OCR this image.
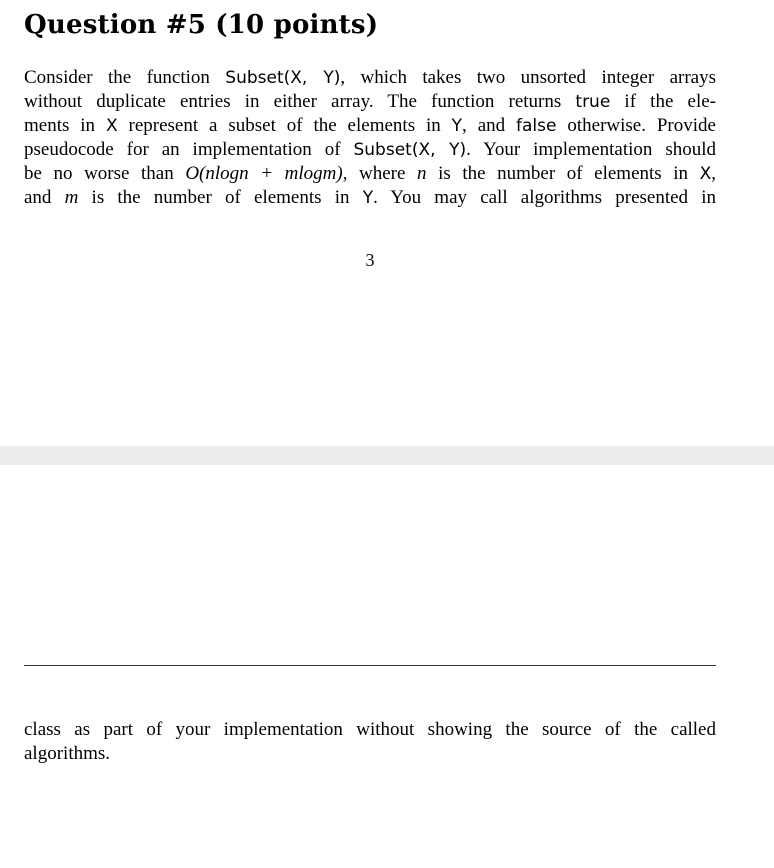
Question #5 (10 points)
Consider the function Subset(X, Y), which takes two unsorted integer arrays
without duplicate entries in either array. The function returns true if the ele-
ments in X represent a subset of the elements in Y, and false otherwise. Provide
pseudocode for an implementation of Subset(X, Y). Your implementation should
be no worse than O(nlogn + mlogm), where n is the number of elements in X,
and m is the number of elements in Y. You may call algorithms presented in
3
class as part of your implementation without showing the source of the called
algorithms.
